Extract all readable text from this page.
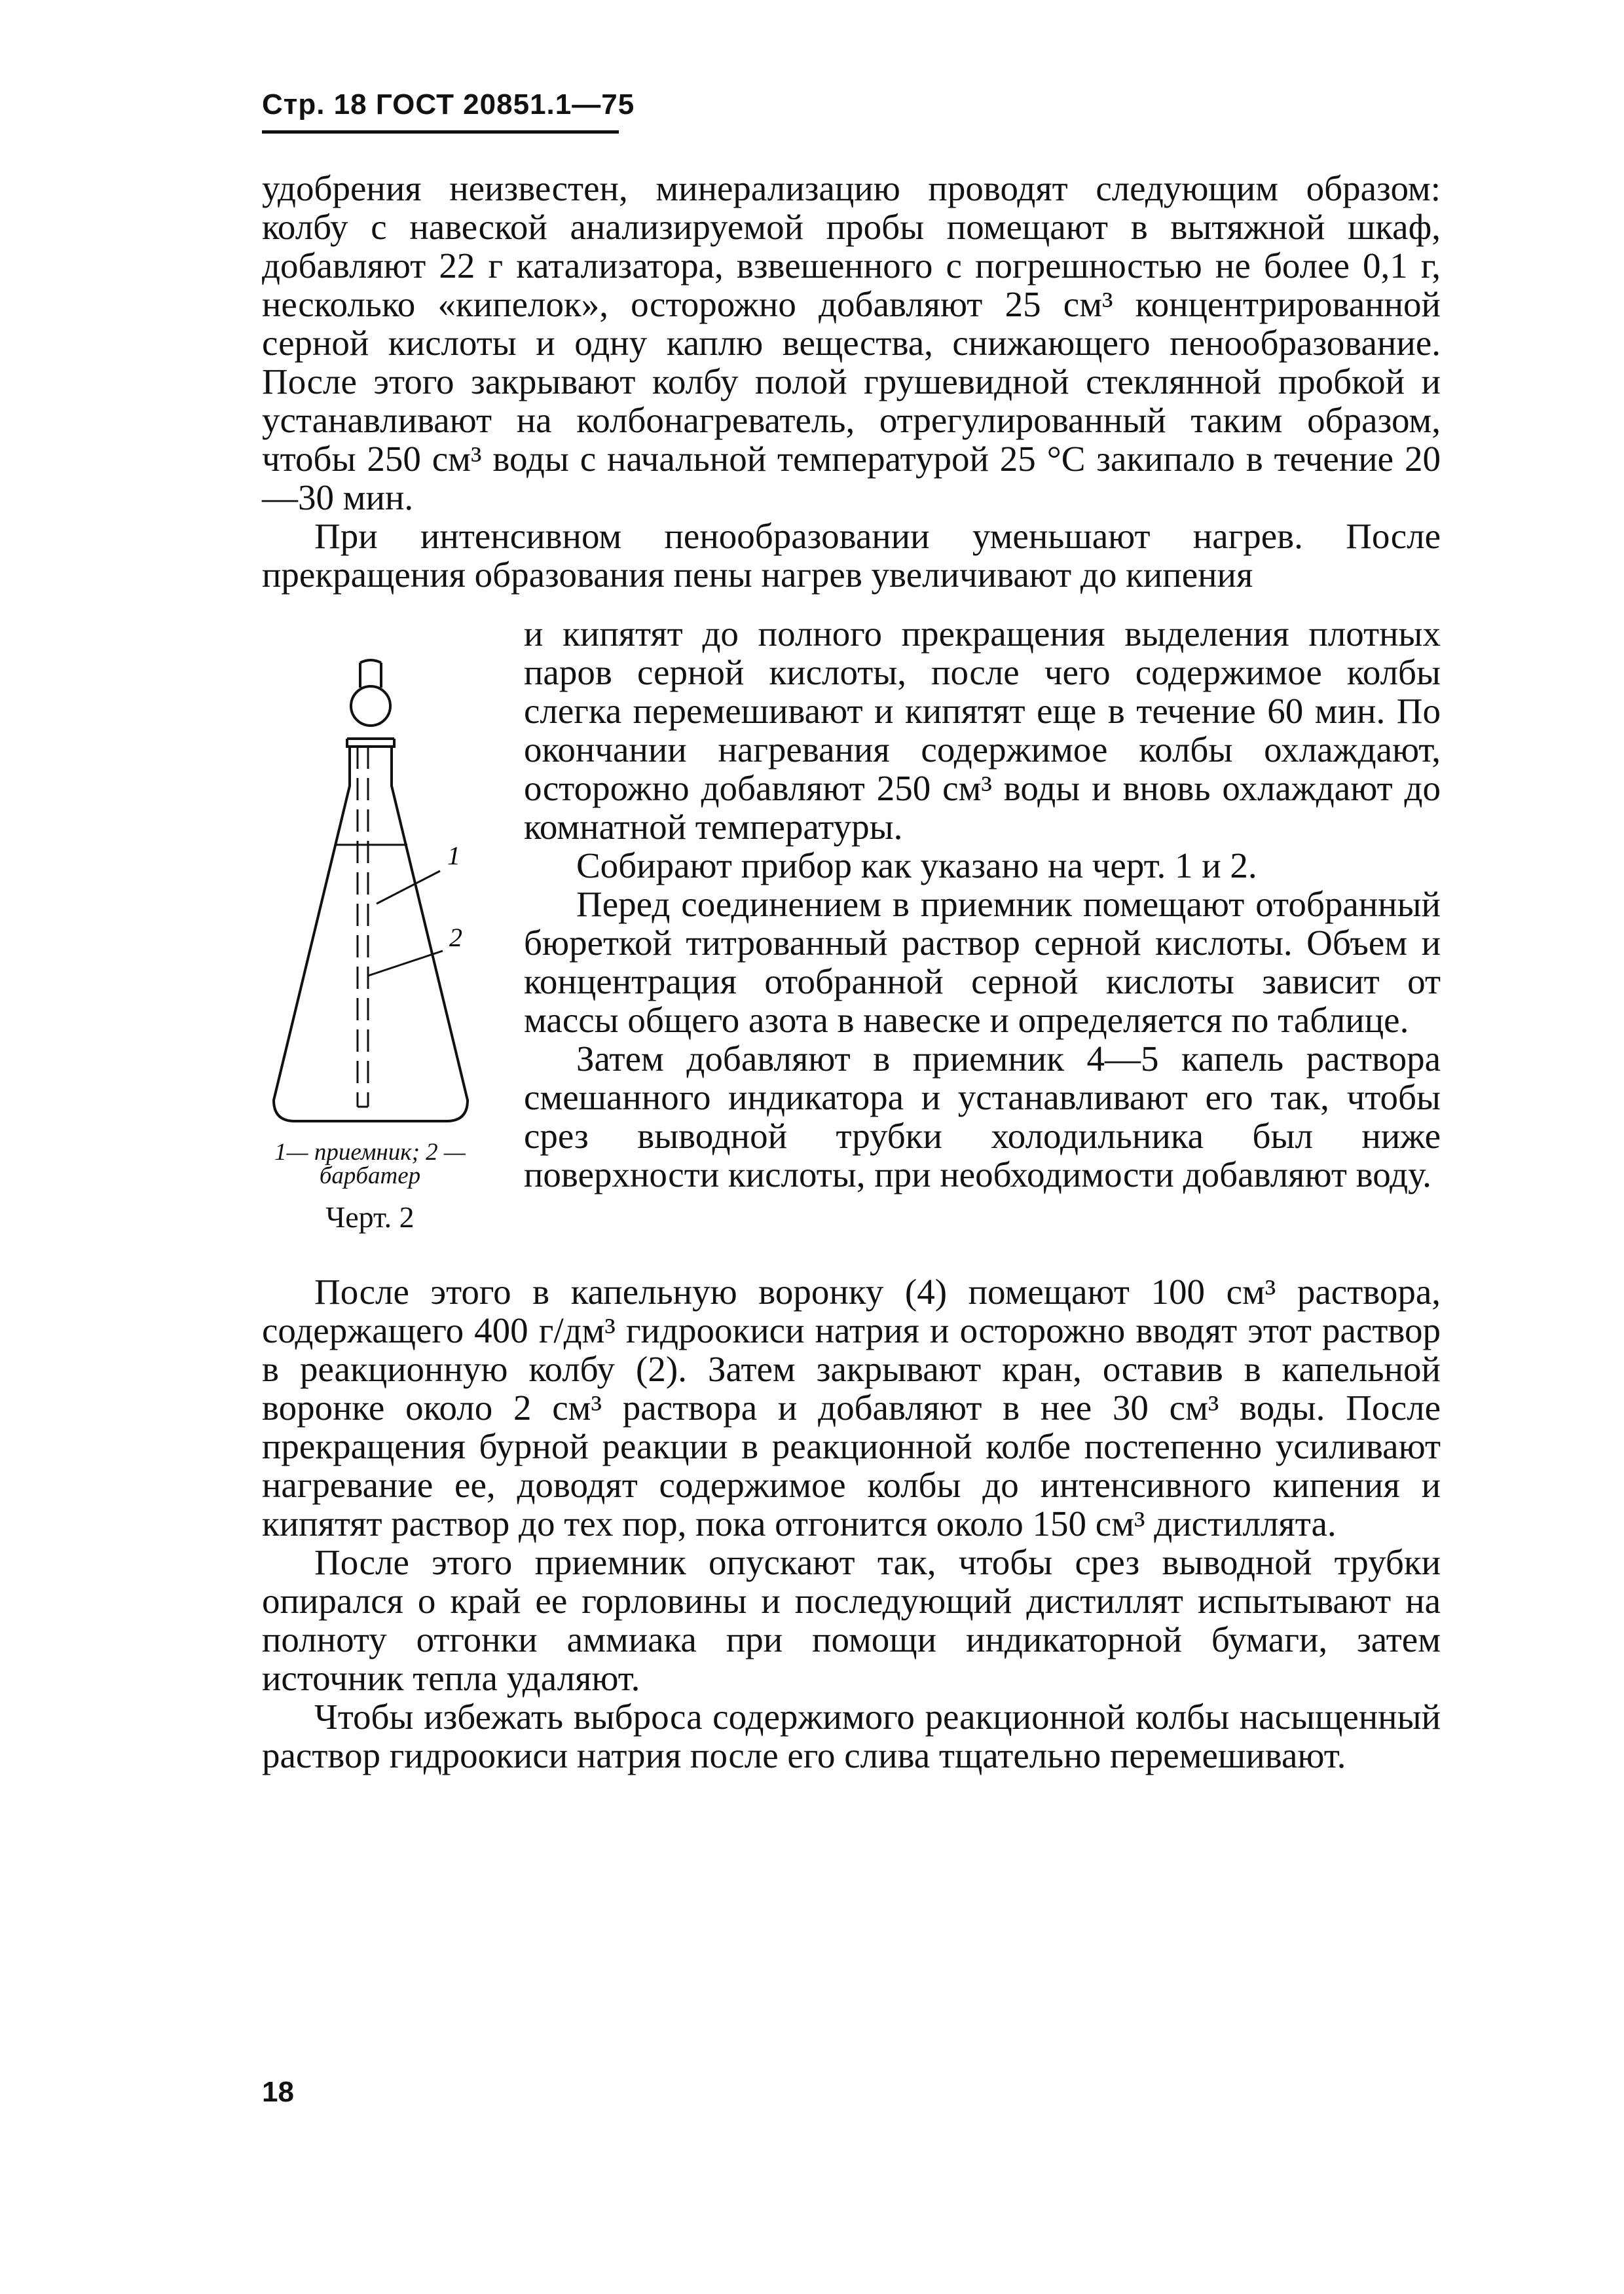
Стр. 18 ГОСТ 20851.1—75

удобрения неизвестен, минерализацию проводят следующим образом: колбу с навеской анализируемой пробы помещают в вытяжной шкаф, добавляют 22 г катализатора, взвешенного с погрешностью не более 0,1 г, несколько «кипелок», осторожно добавляют 25 см³ концентрированной серной кислоты и одну каплю вещества, снижающего пенообразование. После этого закрывают колбу полой грушевидной стеклянной пробкой и устанавливают на колбонагреватель, отрегулированный таким образом, чтобы 250 см³ воды с начальной температурой 25 °С закипало в течение 20—30 мин.

При интенсивном пенообразовании уменьшают нагрев. После прекращения образования пены нагрев увеличивают до кипения

1
2
1— приемник; 2 — барбатер
Черт. 2

и кипятят до полного прекращения выделения плотных паров серной кислоты, после чего содержимое колбы слегка перемешивают и кипятят еще в течение 60 мин. По окончании нагревания содержимое колбы охлаждают, осторожно добавляют 250 см³ воды и вновь охлаждают до комнатной температуры.

Собирают прибор как указано на черт. 1 и 2.

Перед соединением в приемник помещают отобранный бюреткой титрованный раствор серной кислоты. Объем и концентрация отобранной серной кислоты зависит от массы общего азота в навеске и определяется по таблице.

Затем добавляют в приемник 4—5 капель раствора смешанного индикатора и устанавливают его так, чтобы срез выводной трубки холодильника был ниже поверхности кислоты, при необходимости добавляют воду.

После этого в капельную воронку (4) помещают 100 см³ раствора, содержащего 400 г/дм³ гидроокиси натрия и осторожно вводят этот раствор в реакционную колбу (2). Затем закрывают кран, оставив в капельной воронке около 2 см³ раствора и добавляют в нее 30 см³ воды. После прекращения бурной реакции в реакционной колбе постепенно усиливают нагревание ее, доводят содержимое колбы до интенсивного кипения и кипятят раствор до тех пор, пока отгонится около 150 см³ дистиллята.

После этого приемник опускают так, чтобы срез выводной трубки опирался о край ее горловины и последующий дистиллят испытывают на полноту отгонки аммиака при помощи индикаторной бумаги, затем источник тепла удаляют.

Чтобы избежать выброса содержимого реакционной колбы насыщенный раствор гидроокиси натрия после его слива тщательно перемешивают.

18
